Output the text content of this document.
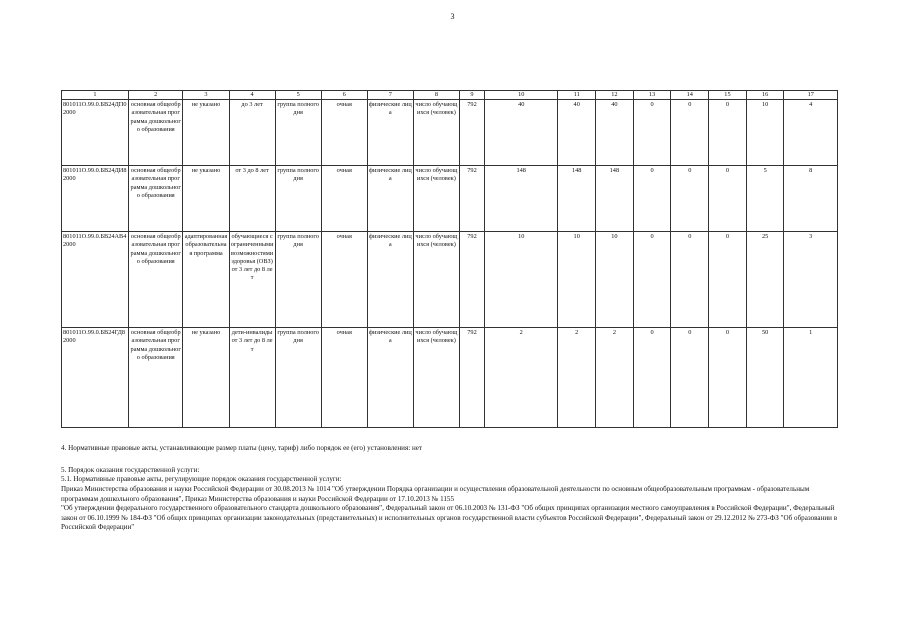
3
1	2	3	4	5	6	7	8	9	10	11	12	13	14	15	16	17
801011О.99.0.БВ24ДП02000	основная общеобразовательная программа дошкольного образования	не указано	до 3 лет	группа полного дня	очная	физические лица	число обучающихся (человек)	792	40	40	40	0	0	0	10	4
801011О.99.0.БВ24ДИ82000	основная общеобразовательная программа дошкольного образования	не указано	от 3 до 8 лет	группа полного дня	очная	физические лица	число обучающихся (человек)	792	148	148	148	0	0	0	5	8
801011О.99.0.БВ24АВ42000	основная общеобразовательная программа дошкольного образования	адаптированная образовательная программа	обучающиеся с ограниченными возможностями здоровья (ОВЗ) от 3 лет до 8 лет	группа полного дня	очная	физические лица	число обучающихся (человек)	792	10	10	10	0	0	0	25	3
801011О.99.0.БВ24ГД82000	основная общеобразовательная программа дошкольного образования	не указано	дети-инвалиды от 3 лет до 8 лет	группа полного дня	очная	физические лица	число обучающихся (человек)	792	2	2	2	0	0	0	50	1

4. Нормативные правовые акты, устанавливающие размер платы (цену, тариф) либо порядок ее (его) установления: нет

5. Порядок оказания государственной услуги:

5.1. Нормативные правовые акты, регулирующие порядок оказания государственной услуги:

Приказ Министерства образования и науки Российской Федерации от 30.08.2013 № 1014 "Об утверждении Порядка организации и осуществления образовательной деятельности по основным общеобразовательным программам - образовательным программам дошкольного образования", Приказ Министерства образования и науки Российской Федерации от 17.10.2013 № 1155

"Об утверждении федерального государственного образовательного стандарта дошкольного образования", Федеральный закон от 06.10.2003 № 131-ФЗ "Об общих принципах организации местного самоуправления в Российской Федерации", Федеральный закон от 06.10.1999 № 184-ФЗ "Об общих принципах организации законодательных (представительных) и исполнительных органов государственной власти субъектов Российской Федерации", Федеральный закон от 29.12.2012 № 273-ФЗ "Об образовании в Российской Федерации"
